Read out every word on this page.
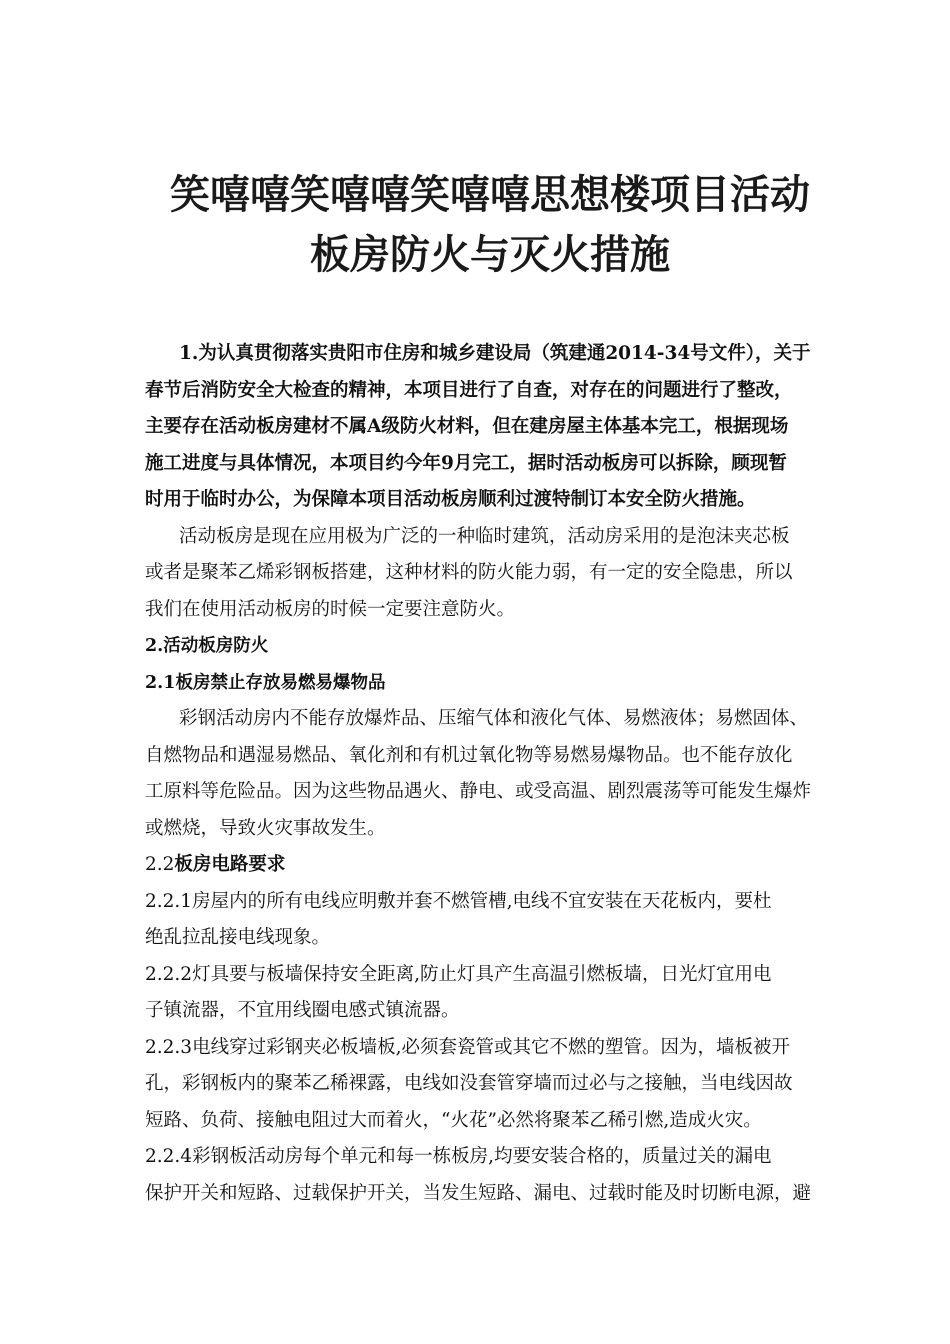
笑嘻嘻笑嘻嘻笑嘻嘻思想楼项目活动
板房防火与灭火措施
1.为认真贯彻落实贵阳市住房和城乡建设局（筑建通2014-34号文件），关于
春节后消防安全大检查的精神，本项目进行了自查，对存在的问题进行了整改，
主要存在活动板房建材不属A级防火材料，但在建房屋主体基本完工，根据现场
施工进度与具体情况，本项目约今年9月完工，据时活动板房可以拆除，顾现暂
时用于临时办公，为保障本项目活动板房顺利过渡特制订本安全防火措施。
活动板房是现在应用极为广泛的一种临时建筑，活动房采用的是泡沫夹芯板
或者是聚苯乙烯彩钢板搭建，这种材料的防火能力弱，有一定的安全隐患，所以
我们在使用活动板房的时候一定要注意防火。
2.活动板房防火
2.1板房禁止存放易燃易爆物品
彩钢活动房内不能存放爆炸品、压缩气体和液化气体、易燃液体；易燃固体、
自燃物品和遇湿易燃品、氧化剂和有机过氧化物等易燃易爆物品。也不能存放化
工原料等危险品。因为这些物品遇火、静电、或受高温、剧烈震荡等可能发生爆炸
或燃烧，导致火灾事故发生。
2.2板房电路要求
2.2.1房屋内的所有电线应明敷并套不燃管槽,电线不宜安装在天花板内，要杜
绝乱拉乱接电线现象。
2.2.2灯具要与板墙保持安全距离,防止灯具产生高温引燃板墙，日光灯宜用电
子镇流器，不宜用线圈电感式镇流器。
2.2.3电线穿过彩钢夹必板墙板,必须套瓷管或其它不燃的塑管。因为，墙板被开
孔，彩钢板内的聚苯乙稀裸露，电线如没套管穿墙而过必与之接触，当电线因故
短路、负荷、接触电阻过大而着火，“火花”必然将聚苯乙稀引燃,造成火灾。
2.2.4彩钢板活动房每个单元和每一栋板房,均要安装合格的，质量过关的漏电
保护开关和短路、过载保护开关，当发生短路、漏电、过载时能及时切断电源，避
